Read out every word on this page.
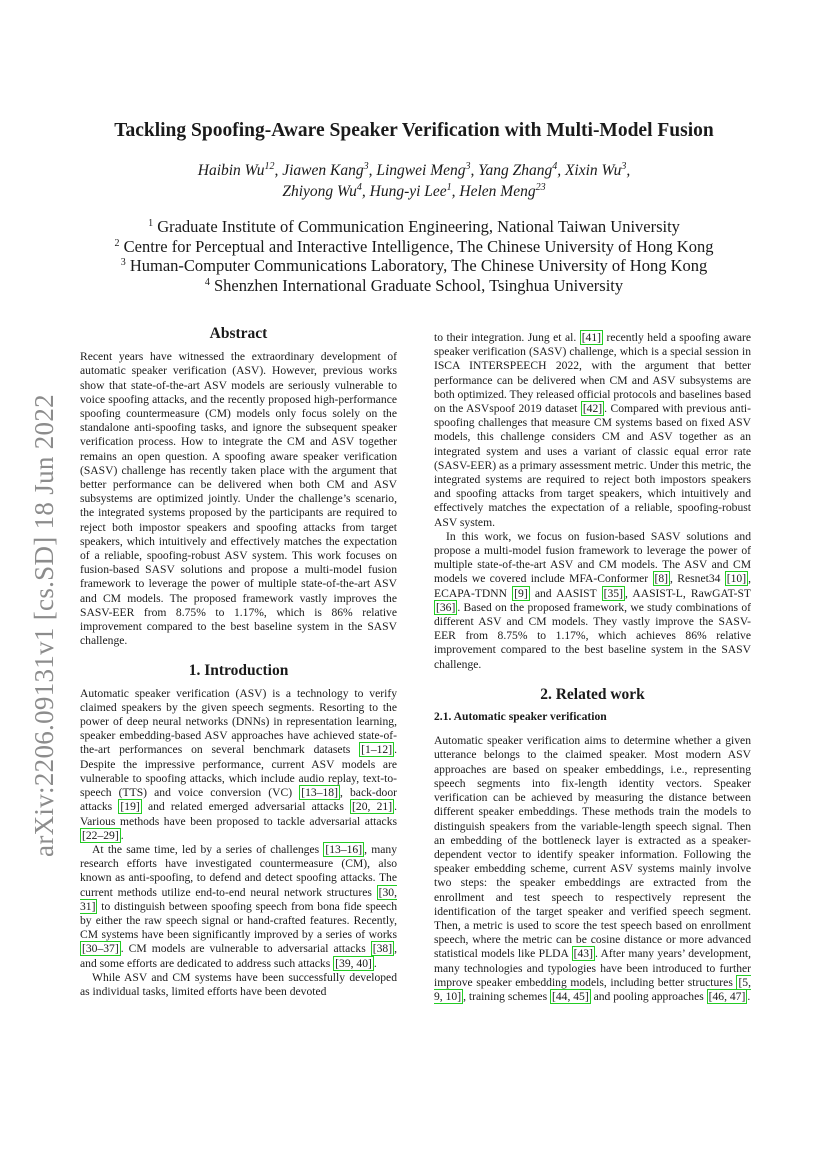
arXiv:2206.09131v1 [cs.SD] 18 Jun 2022
Tackling Spoofing-Aware Speaker Verification with Multi-Model Fusion
Haibin Wu$^{12}$, Jiawen Kang$^3$, Lingwei Meng$^3$, Yang Zhang$^4$, Xixin Wu$^3$,
Zhiyong Wu$^4$, Hung-yi Lee$^1$, Helen Meng$^{23}$
$^1$ Graduate Institute of Communication Engineering, National Taiwan University
$^2$ Centre for Perceptual and Interactive Intelligence, The Chinese University of Hong Kong
$^3$ Human-Computer Communications Laboratory, The Chinese University of Hong Kong
$^4$ Shenzhen International Graduate School, Tsinghua University
Abstract

Recent years have witnessed the extraordinary development of automatic speaker verification (ASV). However, previous works show that state-of-the-art ASV models are seriously vulnerable to voice spoofing attacks, and the recently proposed high-performance spoofing countermeasure (CM) models only focus solely on the standalone anti-spoofing tasks, and ignore the subsequent speaker verification process. How to integrate the CM and ASV together remains an open question. A spoofing aware speaker verification (SASV) challenge has recently taken place with the argument that better performance can be delivered when both CM and ASV subsystems are optimized jointly. Under the challenge’s scenario, the integrated systems proposed by the participants are required to reject both impostor speakers and spoofing attacks from target speakers, which intuitively and effectively matches the expectation of a reliable, spoofing-robust ASV system. This work focuses on fusion-based SASV solutions and propose a multi-model fusion framework to leverage the power of multiple state-of-the-art ASV and CM models. The proposed framework vastly improves the SASV-EER from 8.75% to 1.17%, which is 86% relative improvement compared to the best baseline system in the SASV challenge.

1. Introduction

Automatic speaker verification (ASV) is a technology to verify claimed speakers by the given speech segments. Resorting to the power of deep neural networks (DNNs) in representation learning, speaker embedding-based ASV approaches have achieved state-of-the-art performances on several benchmark datasets [1–12] . Despite the impressive performance, current ASV models are vulnerable to spoofing attacks, which include audio replay, text-to-speech (TTS) and voice conversion (VC) [13–18] , back-door attacks [19] and related emerged adversarial attacks [20, 21] . Various methods have been proposed to tackle adversarial attacks [22–29] .

At the same time, led by a series of challenges [13–16] , many research efforts have investigated countermeasure (CM), also known as anti-spoofing, to defend and detect spoofing attacks. The current methods utilize end-to-end neural network structures [30, 31] to distinguish between spoofing speech from bona fide speech by either the raw speech signal or hand-crafted features. Recently, CM systems have been significantly improved by a series of works [30–37] . CM models are vulnerable to adversarial attacks [38] , and some efforts are dedicated to address such attacks [39, 40] .

While ASV and CM systems have been successfully developed as individual tasks, limited efforts have been devoted

to their integration. Jung et al. [41] recently held a spoofing aware speaker verification (SASV) challenge, which is a special session in ISCA INTERSPEECH 2022, with the argument that better performance can be delivered when CM and ASV subsystems are both optimized. They released official protocols and baselines based on the ASVspoof 2019 dataset [42] . Compared with previous anti-spoofing challenges that measure CM systems based on fixed ASV models, this challenge considers CM and ASV together as an integrated system and uses a variant of classic equal error rate (SASV-EER) as a primary assessment metric. Under this metric, the integrated systems are required to reject both impostors speakers and spoofing attacks from target speakers, which intuitively and effectively matches the expectation of a reliable, spoofing-robust ASV system.

In this work, we focus on fusion-based SASV solutions and propose a multi-model fusion framework to leverage the power of multiple state-of-the-art ASV and CM models. The ASV and CM models we covered include MFA-Conformer [8] , Resnet34 [10] , ECAPA-TDNN [9] and AASIST [35] , AASIST-L, RawGAT-ST [36] . Based on the proposed framework, we study combinations of different ASV and CM models. They vastly improve the SASV-EER from 8.75% to 1.17%, which achieves 86% relative improvement compared to the best baseline system in the SASV challenge.

2. Related work
2.1. Automatic speaker verification

Automatic speaker verification aims to determine whether a given utterance belongs to the claimed speaker. Most modern ASV approaches are based on speaker embeddings, i.e., representing speech segments into fix-length identity vectors. Speaker verification can be achieved by measuring the distance between different speaker embeddings. These methods train the models to distinguish speakers from the variable-length speech signal. Then an embedding of the bottleneck layer is extracted as a speaker-dependent vector to identify speaker information. Following the speaker embedding scheme, current ASV systems mainly involve two steps: the speaker embeddings are extracted from the enrollment and test speech to respectively represent the identification of the target speaker and verified speech segment. Then, a metric is used to score the test speech based on enrollment speech, where the metric can be cosine distance or more advanced statistical models like PLDA [43] . After many years’ development, many technologies and typologies have been introduced to further improve speaker embedding models, including better structures [5, 9, 10] , training schemes [44, 45] and pooling approaches [46, 47] .
